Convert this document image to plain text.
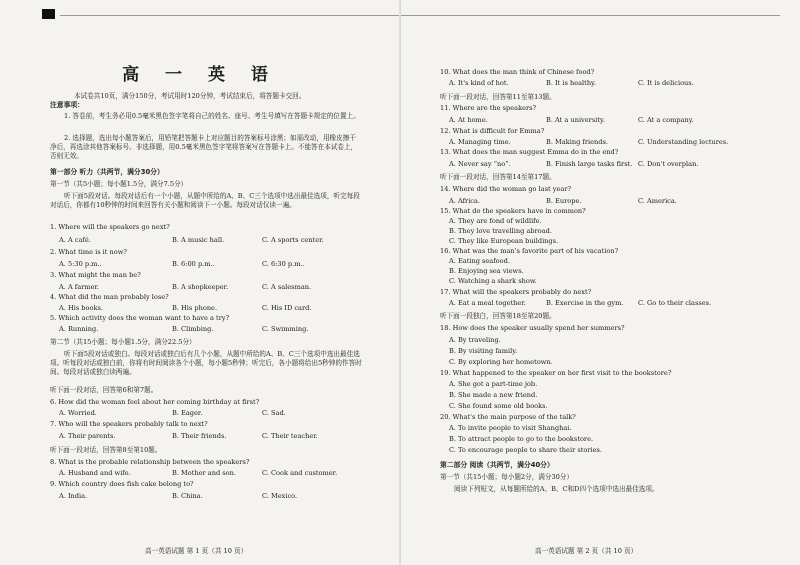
高 一 英 语
本试卷共10页，满分150分，考试用时120分钟，考试结束后，将答题卡交回。
注意事项：
1. 答卷前，考生务必用0.5毫米黑色签字笔将自己的姓名、座号、考生号填写在答题卡规定的位置上。
2. 选择题，选出每小题答案后，用铅笔把答题卡上对应题目的答案标号涂黑；如需改动，用橡皮擦干净后，再选涂其他答案标号。非选择题，用0.5毫米黑色签字笔将答案写在答题卡上。不能答在本试卷上，否则无效。
第一部分 听力（共两节，满分30分）
第一节（共5小题；每小题1.5分，满分7.5分）
听下面5段对话。每段对话后有一个小题，从题中所给的A、B、C三个选项中选出最佳选项，听完每段对话后，你都有10秒钟的时间来回答有关小题和阅读下一小题。每段对话仅读一遍。
1. Where will the speakers go next?
A. A café.	B. A music hall.	C. A sports center.
2. What time is it now?
A. 5:30 p.m..	B. 6:00 p.m..	C. 6:30 p.m..
3. What might the man be?
A. A farmer.	B. A shopkeeper.	C. A salesman.
4. What did the man probably lose?
A. His books.	B. His phone.	C. His ID card.
5. Which activity does the woman want to have a try?
A. Running.	B. Climbing.	C. Swimming.
第二节（共15小题；每小题1.5分，满分22.5分）
听下面5段对话或独白。每段对话或独白后有几个小题，从题中所给的A、B、C三个选项中选出最佳选项。听每段对话或独白前，你将有时间阅读各个小题，每小题5秒钟；听完后，各小题将给出5秒钟的作答时间。每段对话或独白读两遍。
听下面一段对话，回答第6和第7题。
6. How did the woman feel about her coming birthday at first?
A. Worried.	B. Eager.	C. Sad.
7. Who will the speakers probably talk to next?
A. Their parents.	B. Their friends.	C. Their teacher.
听下面一段对话，回答第8至第10题。
8. What is the probable relationship between the speakers?
A. Husband and wife.	B. Mother and son.	C. Cook and customer.
9. Which country does fish cake belong to?
A. India.	B. China.	C. Mexico.
高一英语试题 第 1 页（共 10 页）
10. What does the man think of Chinese food?
A. It's kind of hot.	B. It is healthy.	C. It is delicious.
听下面一段对话，回答第11至第13题。
11. Where are the speakers?
A. At home.	B. At a university.	C. At a company.
12. What is difficult for Emma?
A. Managing time.	B. Making friends.	C. Understanding lectures.
13. What does the man suggest Emma do in the end?
A. Never say “no”.	B. Finish large tasks first. C. Don't overplan.
听下面一段对话，回答第14至第17题。
14. Where did the woman go last year?
A. Africa.	B. Europe.	C. America.
15. What do the speakers have in common?
A. They are fond of wildlife.
B. They love travelling abroad.
C. They like European buildings.
16. What was the man's favorite part of his vacation?
A. Eating seafood.
B. Enjoying sea views.
C. Watching a shark show.
17. What will the speakers probably do next?
A. Eat a meal together.	B. Exercise in the gym. C. Go to their classes.
听下面一段独白，回答第18至第20题。
18. How does the speaker usually spend her summers?
A. By traveling.
B. By visiting family.
C. By exploring her hometown.
19. What happened to the speaker on her first visit to the bookstore?
A. She got a part-time job.
B. She made a new friend.
C. She found some old books.
20. What's the main purpose of the talk?
A. To invite people to visit Shanghai.
B. To attract people to go to the bookstore.
C. To encourage people to share their stories.
第二部分 阅读（共两节，满分40分）
第一节（共15小题；每小题2分，满分30分）
阅读下列短文，从每题所给的A、B、C和D四个选项中选出最佳选项。
高一英语试题 第 2 页（共 10 页）
